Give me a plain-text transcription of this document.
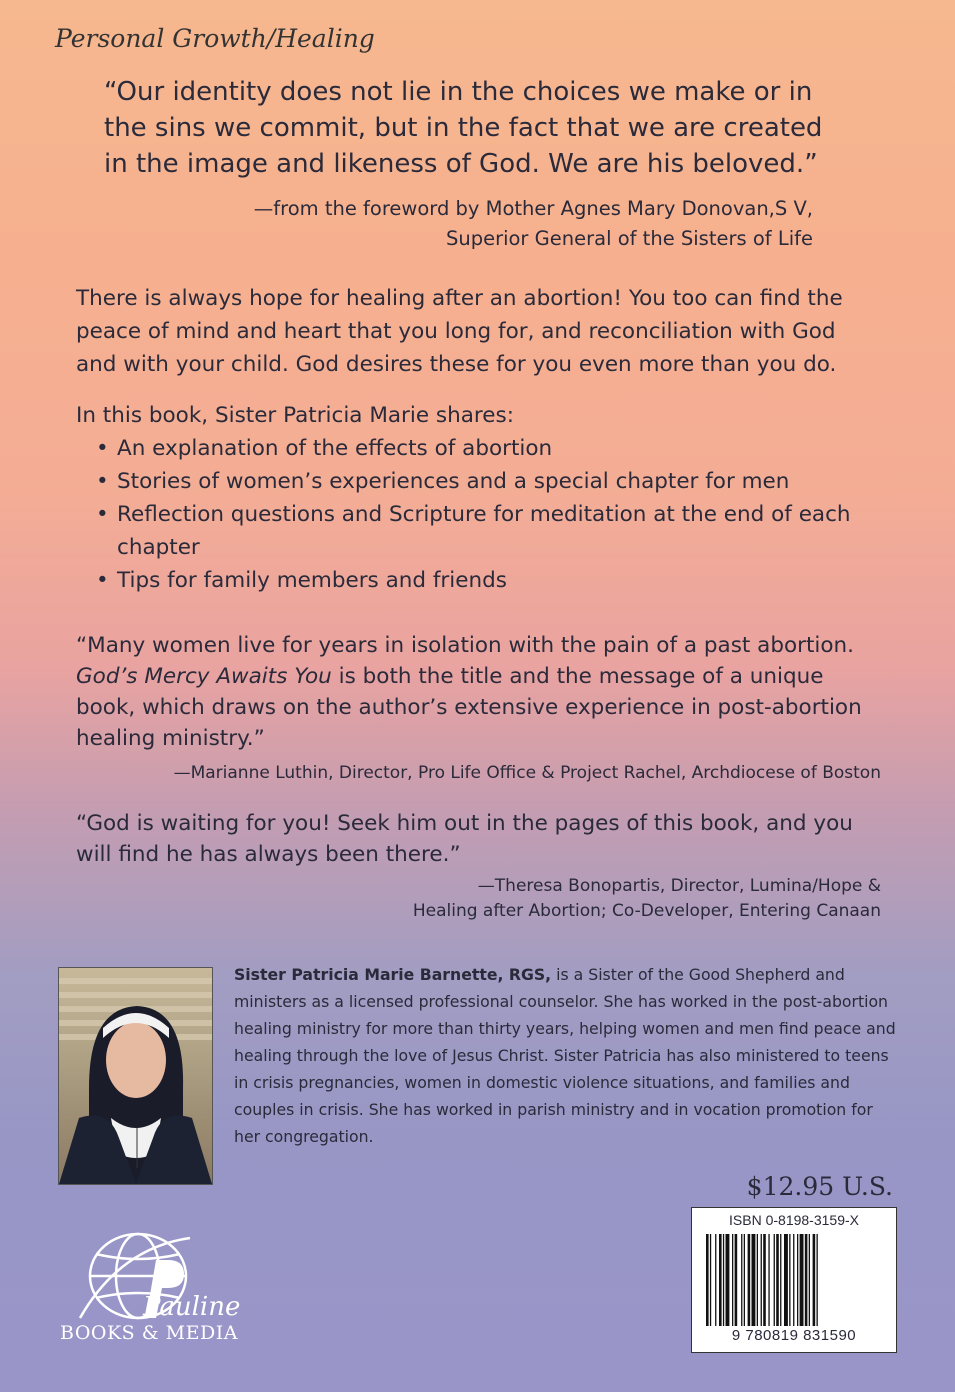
Personal Growth/Healing
“Our identity does not lie in the choices we make or in
the sins we commit, but in the fact that we are created
in the image and likeness of God. We are his beloved.”
—from the foreword by Mother Agnes Mary Donovan,S V,
Superior General of the Sisters of Life
There is always hope for healing after an abortion! You too can find the
peace of mind and heart that you long for, and reconciliation with God
and with your child. God desires these for you even more than you do.
In this book, Sister Patricia Marie shares:
• An explanation of the effects of abortion
• Stories of women’s experiences and a special chapter for men
• Reflection questions and Scripture for meditation at the end of each chapter
• Tips for family members and friends
“Many women live for years in isolation with the pain of a past abortion. God’s Mercy Awaits You is both the title and the message of a unique book, which draws on the author’s extensive experience in post-abortion healing ministry.”
—Marianne Luthin, Director, Pro Life Office & Project Rachel, Archdiocese of Boston
“God is waiting for you! Seek him out in the pages of this book, and you will find he has always been there.”
—Theresa Bonopartis, Director, Lumina/Hope &
Healing after Abortion; Co-Developer, Entering Canaan
Sister Patricia Marie Barnette, RGS, is a Sister of the Good Shepherd and ministers as a licensed professional counselor. She has worked in the post-abortion healing ministry for more than thirty years, helping women and men find peace and healing through the love of Jesus Christ. Sister Patricia has also ministered to teens in crisis pregnancies, women in domestic violence situations, and families and couples in crisis. She has worked in parish ministry and in vocation promotion for her congregation.
$12.95 U.S.
ISBN 0-8198-3159-X
9 780819 831590
Pauline
BOOKS & MEDIA
